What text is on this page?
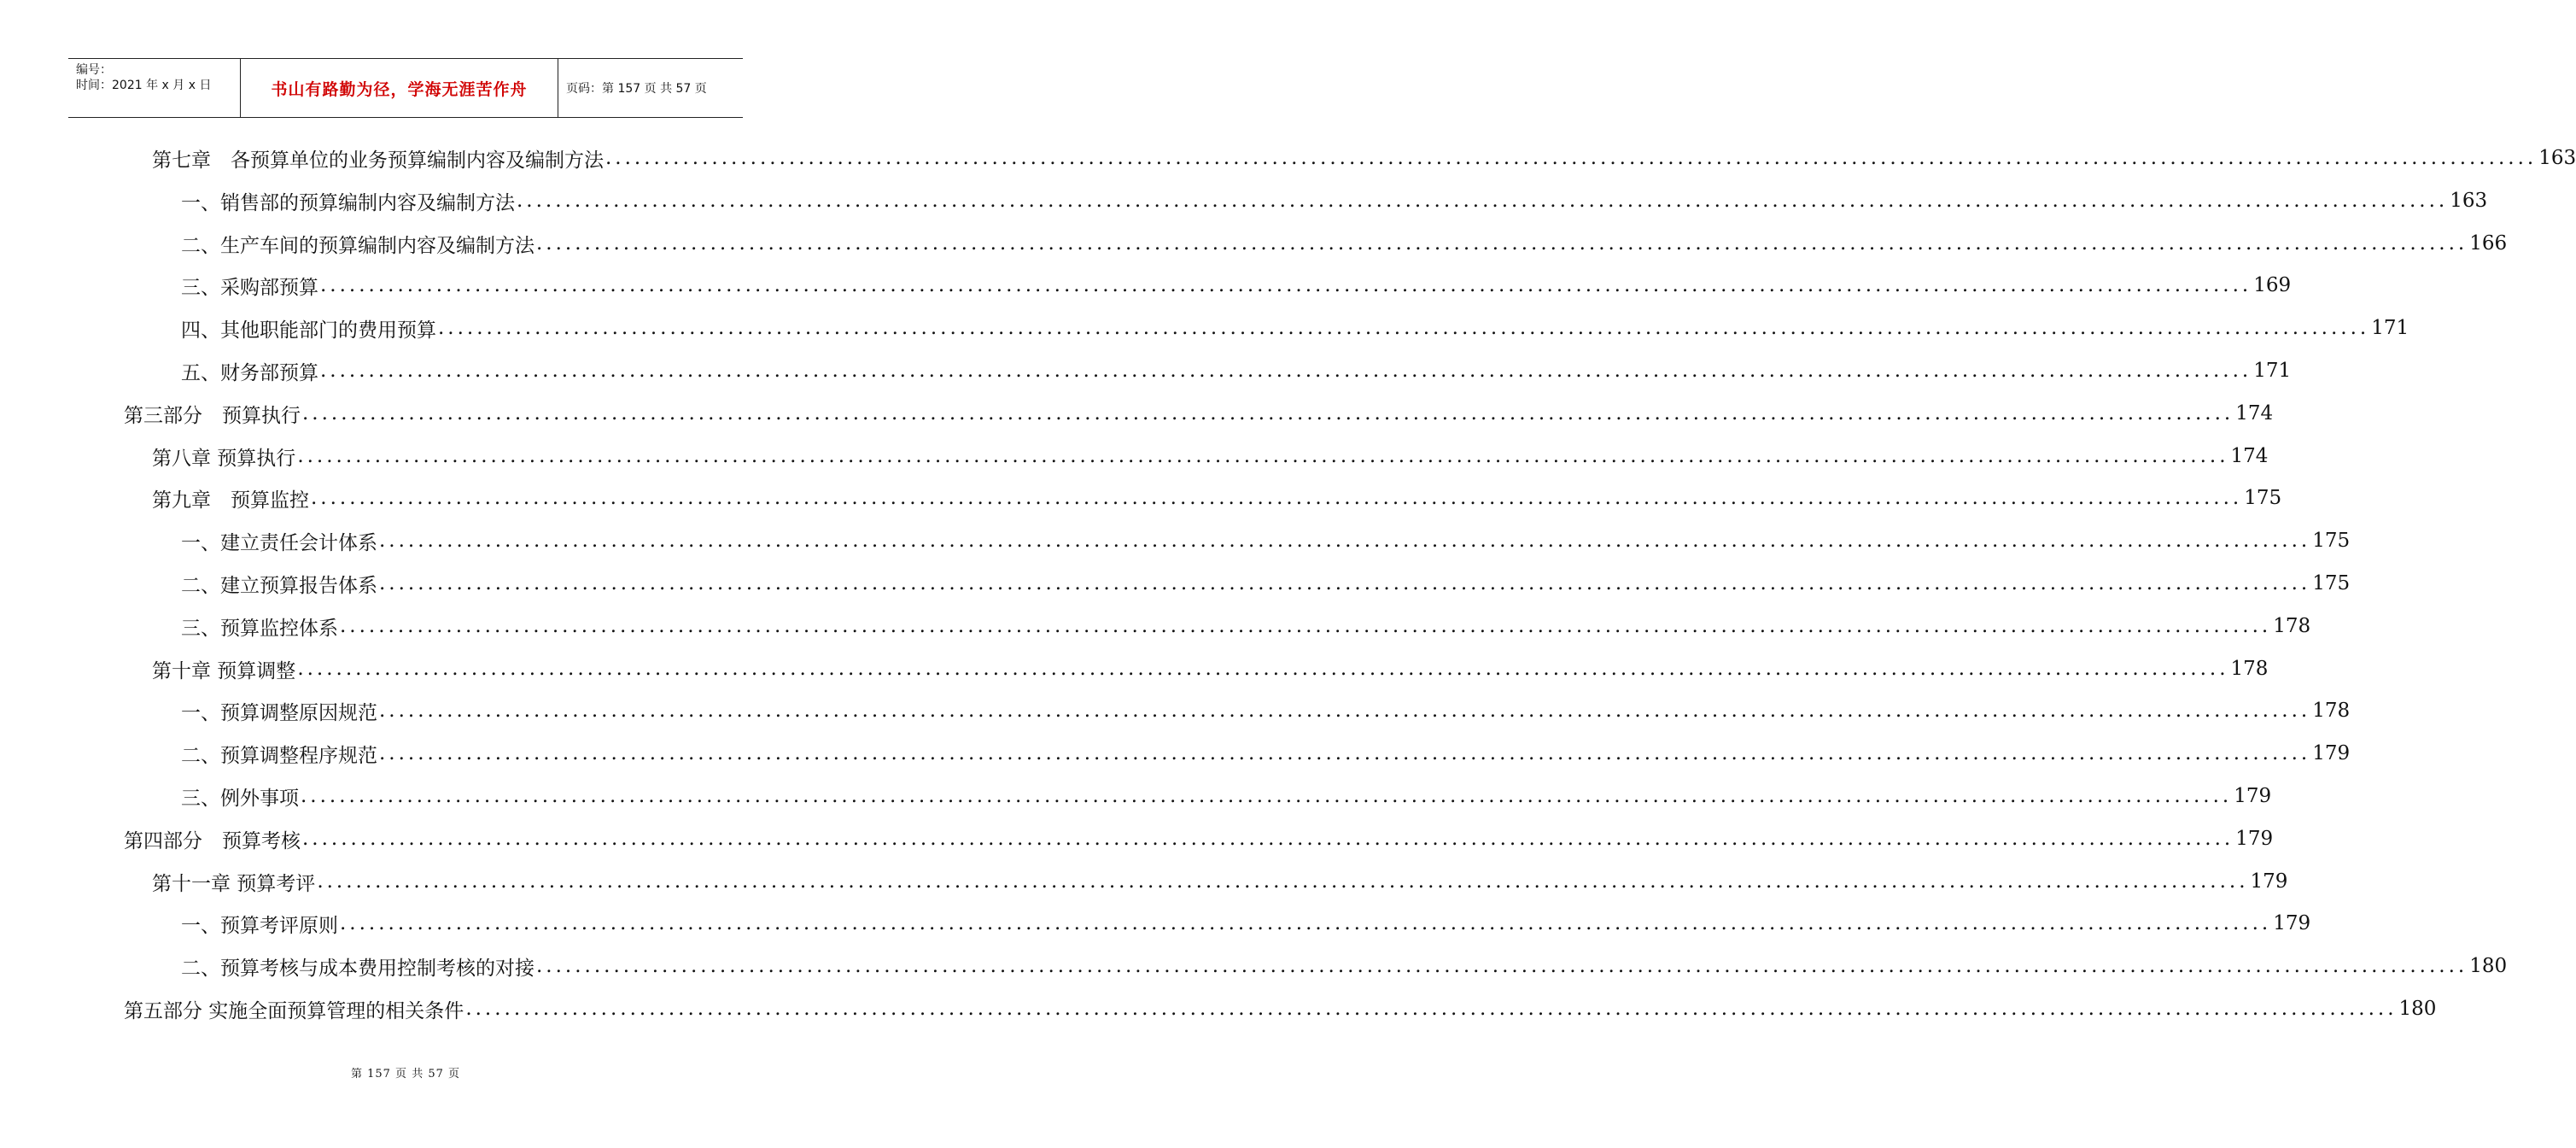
编号：
时间：2021 年 x 月 x 日	书山有路勤为径，学海无涯苦作舟	页码：第 157 页 共 57 页
第七章　各预算单位的业务预算编制内容及编制方法 ........................................................................................................................................................................................................ 163
一、销售部的预算编制内容及编制方法 ........................................................................................................................................................................................................ 163
二、生产车间的预算编制内容及编制方法 ........................................................................................................................................................................................................ 166
三、采购部预算 ........................................................................................................................................................................................................ 169
四、其他职能部门的费用预算 ........................................................................................................................................................................................................ 171
五、财务部预算 ........................................................................................................................................................................................................ 171
第三部分　预算执行 ........................................................................................................................................................................................................ 174
第八章 预算执行 ........................................................................................................................................................................................................ 174
第九章　预算监控 ........................................................................................................................................................................................................ 175
一、建立责任会计体系 ........................................................................................................................................................................................................ 175
二、建立预算报告体系 ........................................................................................................................................................................................................ 175
三、预算监控体系 ........................................................................................................................................................................................................ 178
第十章 预算调整 ........................................................................................................................................................................................................ 178
一、预算调整原因规范 ........................................................................................................................................................................................................ 178
二、预算调整程序规范 ........................................................................................................................................................................................................ 179
三、例外事项 ........................................................................................................................................................................................................ 179
第四部分　预算考核 ........................................................................................................................................................................................................ 179
第十一章 预算考评 ........................................................................................................................................................................................................ 179
一、预算考评原则 ........................................................................................................................................................................................................ 179
二、预算考核与成本费用控制考核的对接 ........................................................................................................................................................................................................ 180
第五部分 实施全面预算管理的相关条件 ........................................................................................................................................................................................................ 180
第 157 页 共 57 页
